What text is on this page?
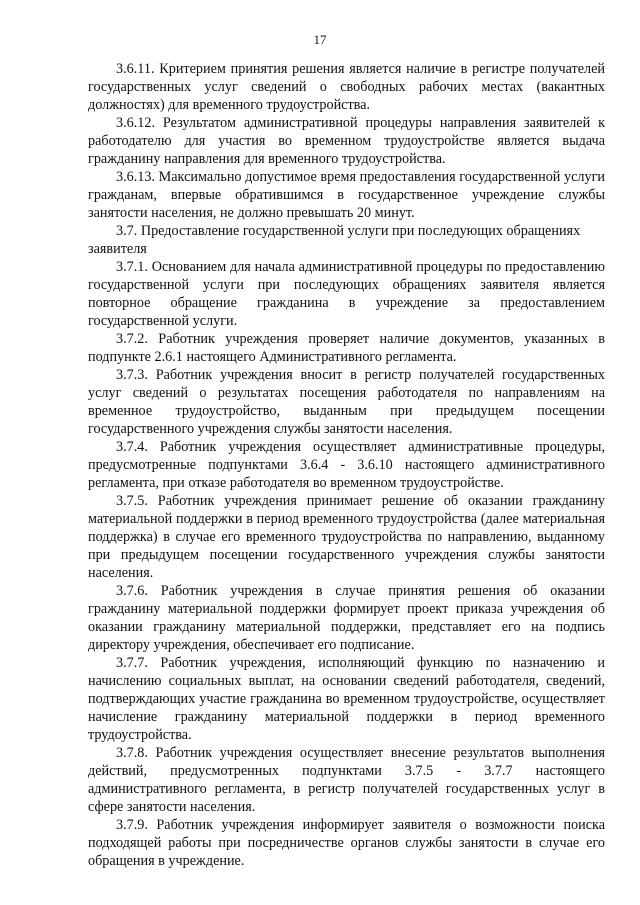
17

3.6.11. Критерием принятия решения является наличие в регистре получателей государственных услуг сведений о свободных рабочих местах (вакантных должностях) для временного трудоустройства.

3.6.12. Результатом административной процедуры направления заявителей к работодателю для участия во временном трудоустройстве является выдача гражданину направления для временного трудоустройства.

3.6.13. Максимально допустимое время предоставления государственной услуги гражданам, впервые обратившимся в государственное учреждение службы занятости населения, не должно превышать 20 минут.

3.7. Предоставление государственной услуги при последующих обращениях заявителя

3.7.1. Основанием для начала административной процедуры по предоставлению государственной услуги при последующих обращениях заявителя является повторное обращение гражданина в учреждение за предоставлением государственной услуги.

3.7.2. Работник учреждения проверяет наличие документов, указанных в подпункте 2.6.1 настоящего Административного регламента.

3.7.3. Работник учреждения вносит в регистр получателей государственных услуг сведений о результатах посещения работодателя по направлениям на временное трудоустройство, выданным при предыдущем посещении государственного учреждения службы занятости населения.

3.7.4. Работник учреждения осуществляет административные процедуры, предусмотренные подпунктами 3.6.4 - 3.6.10 настоящего административного регламента, при отказе работодателя во временном трудоустройстве.

3.7.5. Работник учреждения принимает решение об оказании гражданину материальной поддержки в период временного трудоустройства (далее материальная поддержка) в случае его временного трудоустройства по направлению, выданному при предыдущем посещении государственного учреждения службы занятости населения.

3.7.6. Работник учреждения в случае принятия решения об оказании гражданину материальной поддержки формирует проект приказа учреждения об оказании гражданину материальной поддержки, представляет его на подпись директору учреждения, обеспечивает его подписание.

3.7.7. Работник учреждения, исполняющий функцию по назначению и начислению социальных выплат, на основании сведений работодателя, сведений, подтверждающих участие гражданина во временном трудоустройстве, осуществляет начисление гражданину материальной поддержки в период временного трудоустройства.

3.7.8. Работник учреждения осуществляет внесение результатов выполнения действий, предусмотренных подпунктами 3.7.5 - 3.7.7 настоящего административного регламента, в регистр получателей государственных услуг в сфере занятости населения.

3.7.9. Работник учреждения информирует заявителя о возможности поиска подходящей работы при посредничестве органов службы занятости в случае его обращения в учреждение.
